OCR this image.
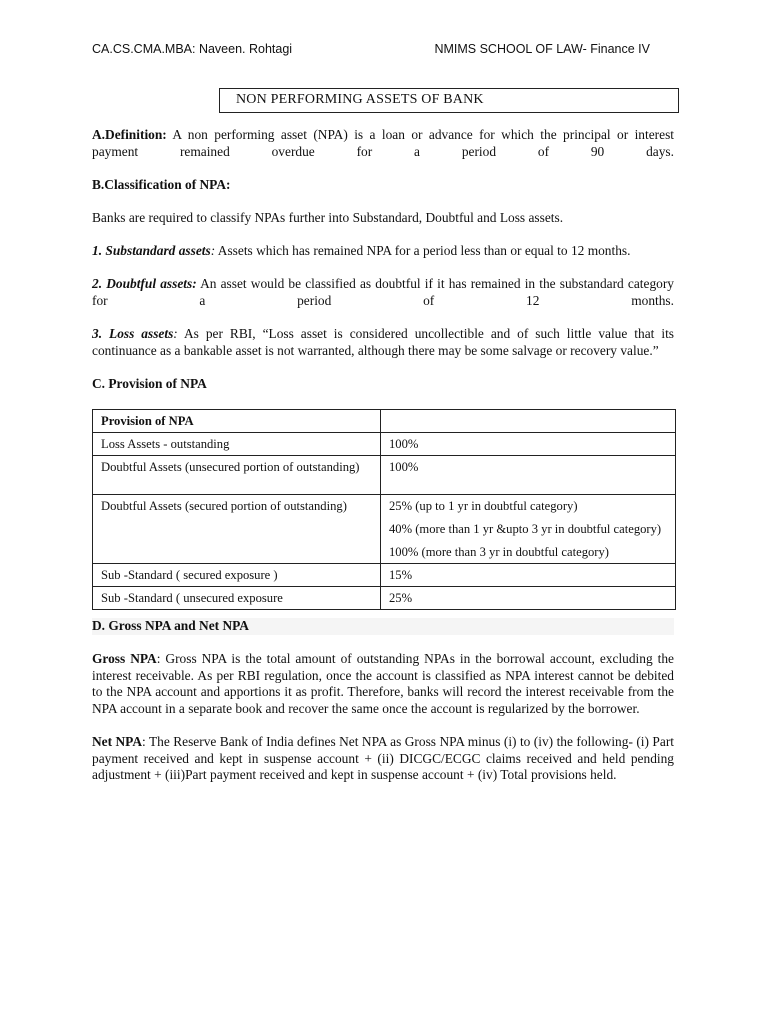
CA.CS.CMA.MBA: Naveen. Rohtagi	NMIMS SCHOOL OF LAW- Finance IV
NON PERFORMING ASSETS OF BANK

A.Definition: A non performing asset (NPA) is a loan or advance for which the principal or interest payment remained overdue for a period of 90 days.

B.Classification of NPA:

Banks are required to classify NPAs further into Substandard, Doubtful and Loss assets.

1. Substandard assets: Assets which has remained NPA for a period less than or equal to 12 months.

2. Doubtful assets: An asset would be classified as doubtful if it has remained in the substandard category for a period of 12 months.

3. Loss assets: As per RBI, “Loss asset is considered uncollectible and of such little value that its continuance as a bankable asset is not warranted, although there may be some salvage or recovery value.”

C. Provision of NPA
Provision of NPA	
Loss Assets - outstanding	100%

Doubtful Assets (unsecured portion of outstanding)	100%

Doubtful Assets (secured portion of outstanding)	25% (up to 1 yr in doubtful category)
40% (more than 1 yr &upto 3 yr in doubtful category)
100% (more than 3 yr in doubtful category)

Sub -Standard ( secured exposure )	15%

Sub -Standard ( unsecured exposure	25%
D. Gross NPA and Net NPA

Gross NPA: Gross NPA is the total amount of outstanding NPAs in the borrowal account, excluding the interest receivable. As per RBI regulation, once the account is classified as NPA interest cannot be debited to the NPA account and apportions it as profit. Therefore, banks will record the interest receivable from the NPA account in a separate book and recover the same once the account is regularized by the borrower.

Net NPA: The Reserve Bank of India defines Net NPA as Gross NPA minus (i) to (iv) the following- (i) Part payment received and kept in suspense account + (ii) DICGC/ECGC claims received and held pending adjustment + (iii)Part payment received and kept in suspense account + (iv) Total provisions held.
